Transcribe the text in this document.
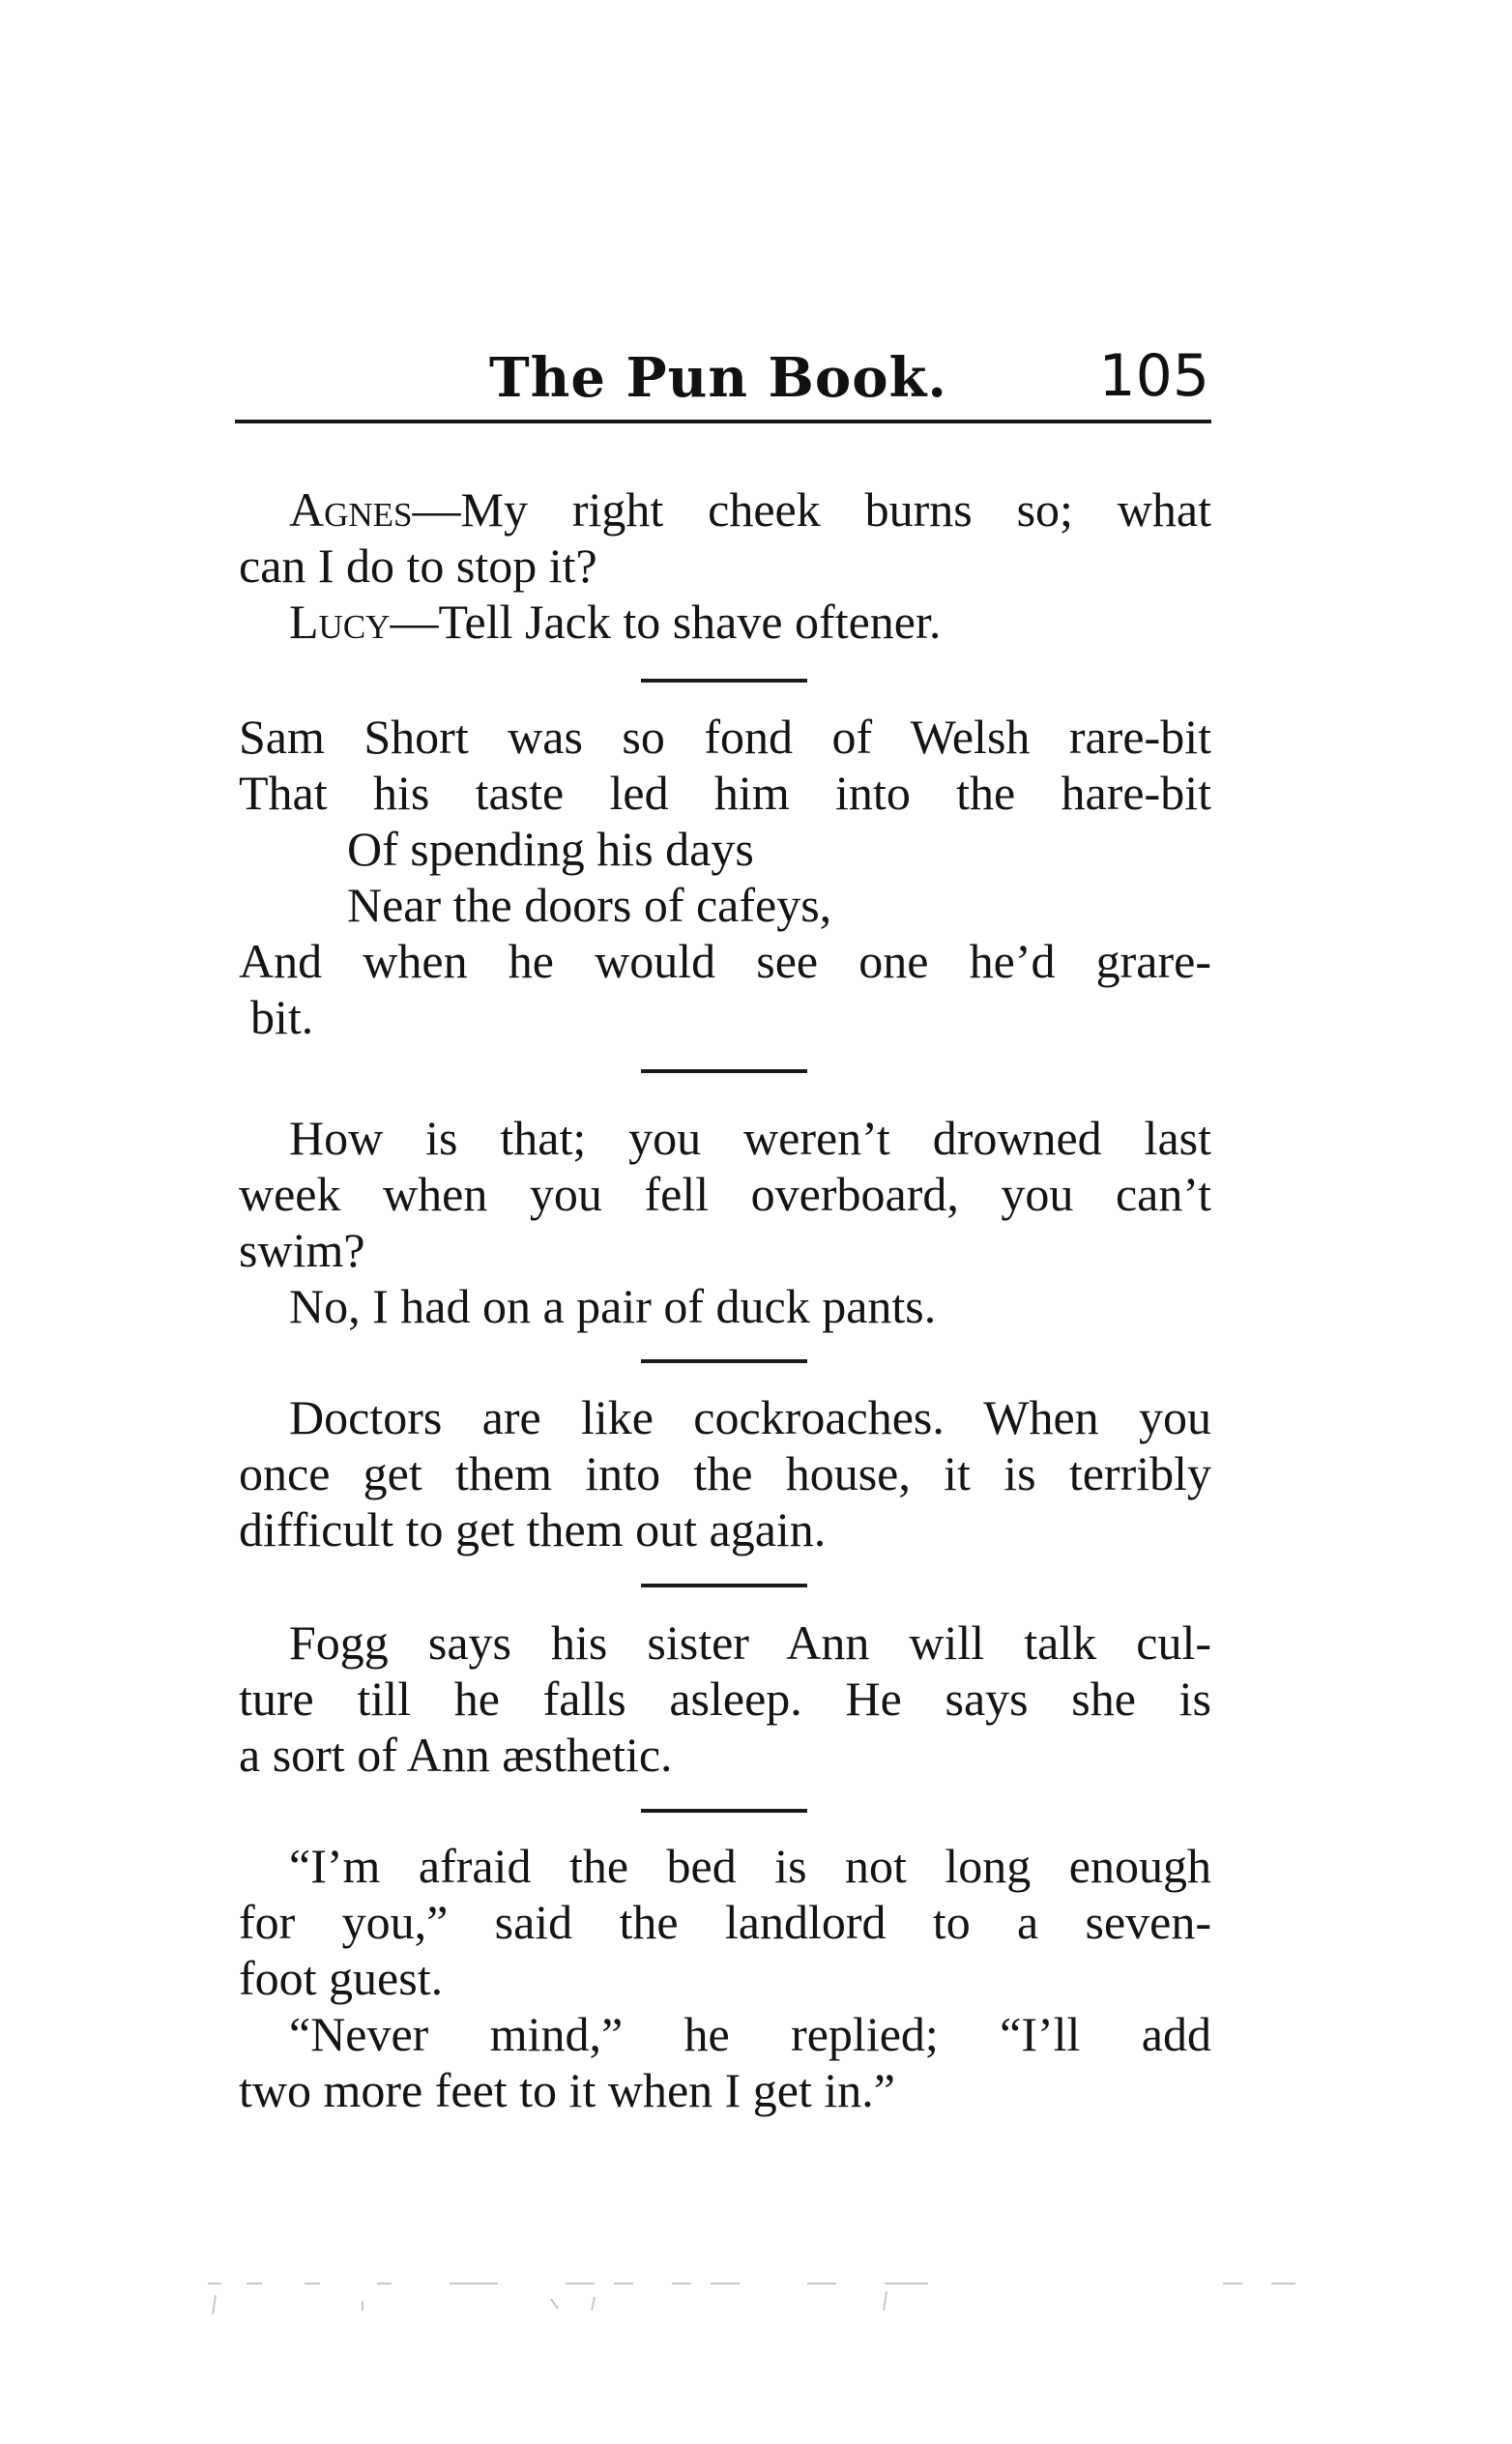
The Pun Book.	105
Agnes—My right cheek burns so; what
can I do to stop it?
Lucy—Tell Jack to shave oftener.
Sam Short was so fond of Welsh rare-bit
That his taste led him into the hare-bit
Of spending his days
Near the doors of cafeys,
And when he would see one he’d grare-
bit.
How is that; you weren’t drowned last
week when you fell overboard, you can’t
swim?
No, I had on a pair of duck pants.
Doctors are like cockroaches. When you
once get them into the house, it is terribly
difficult to get them out again.
Fogg says his sister Ann will talk cul-
ture till he falls asleep. He says she is
a sort of Ann æsthetic.
“I’m afraid the bed is not long enough
for you,” said the landlord to a seven-
foot guest.
“Never mind,” he replied; “I’ll add
two more feet to it when I get in.”
